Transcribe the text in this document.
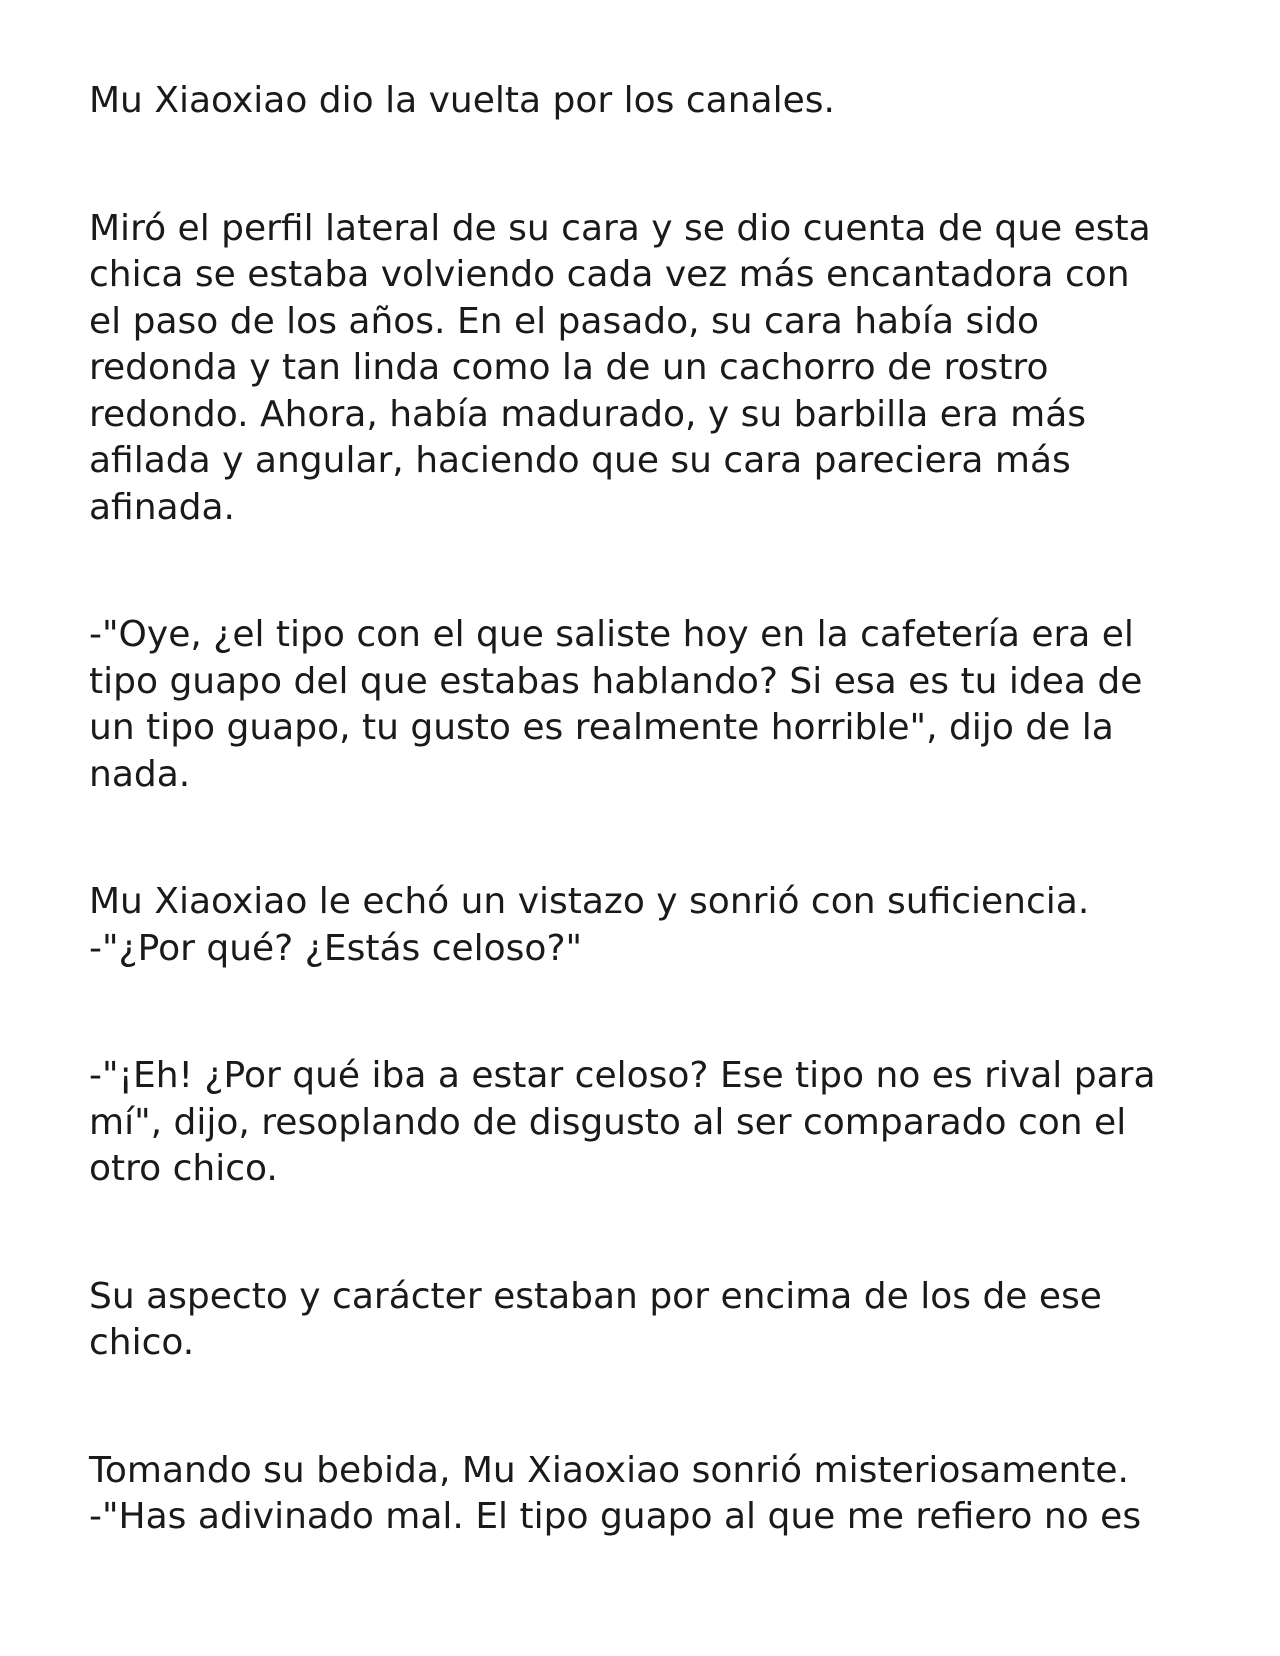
Mu Xiaoxiao dio la vuelta por los canales.

Miró el perfil lateral de su cara y se dio cuenta de que esta
chica se estaba volviendo cada vez más encantadora con
el paso de los años. En el pasado, su cara había sido
redonda y tan linda como la de un cachorro de rostro
redondo. Ahora, había madurado, y su barbilla era más
afilada y angular, haciendo que su cara pareciera más
afinada.

-"Oye, ¿el tipo con el que saliste hoy en la cafetería era el
tipo guapo del que estabas hablando? Si esa es tu idea de
un tipo guapo, tu gusto es realmente horrible", dijo de la
nada.

Mu Xiaoxiao le echó un vistazo y sonrió con suficiencia.
-"¿Por qué? ¿Estás celoso?"

-"¡Eh! ¿Por qué iba a estar celoso? Ese tipo no es rival para
mí", dijo, resoplando de disgusto al ser comparado con el
otro chico.

Su aspecto y carácter estaban por encima de los de ese
chico.

Tomando su bebida, Mu Xiaoxiao sonrió misteriosamente.
-"Has adivinado mal. El tipo guapo al que me refiero no es
